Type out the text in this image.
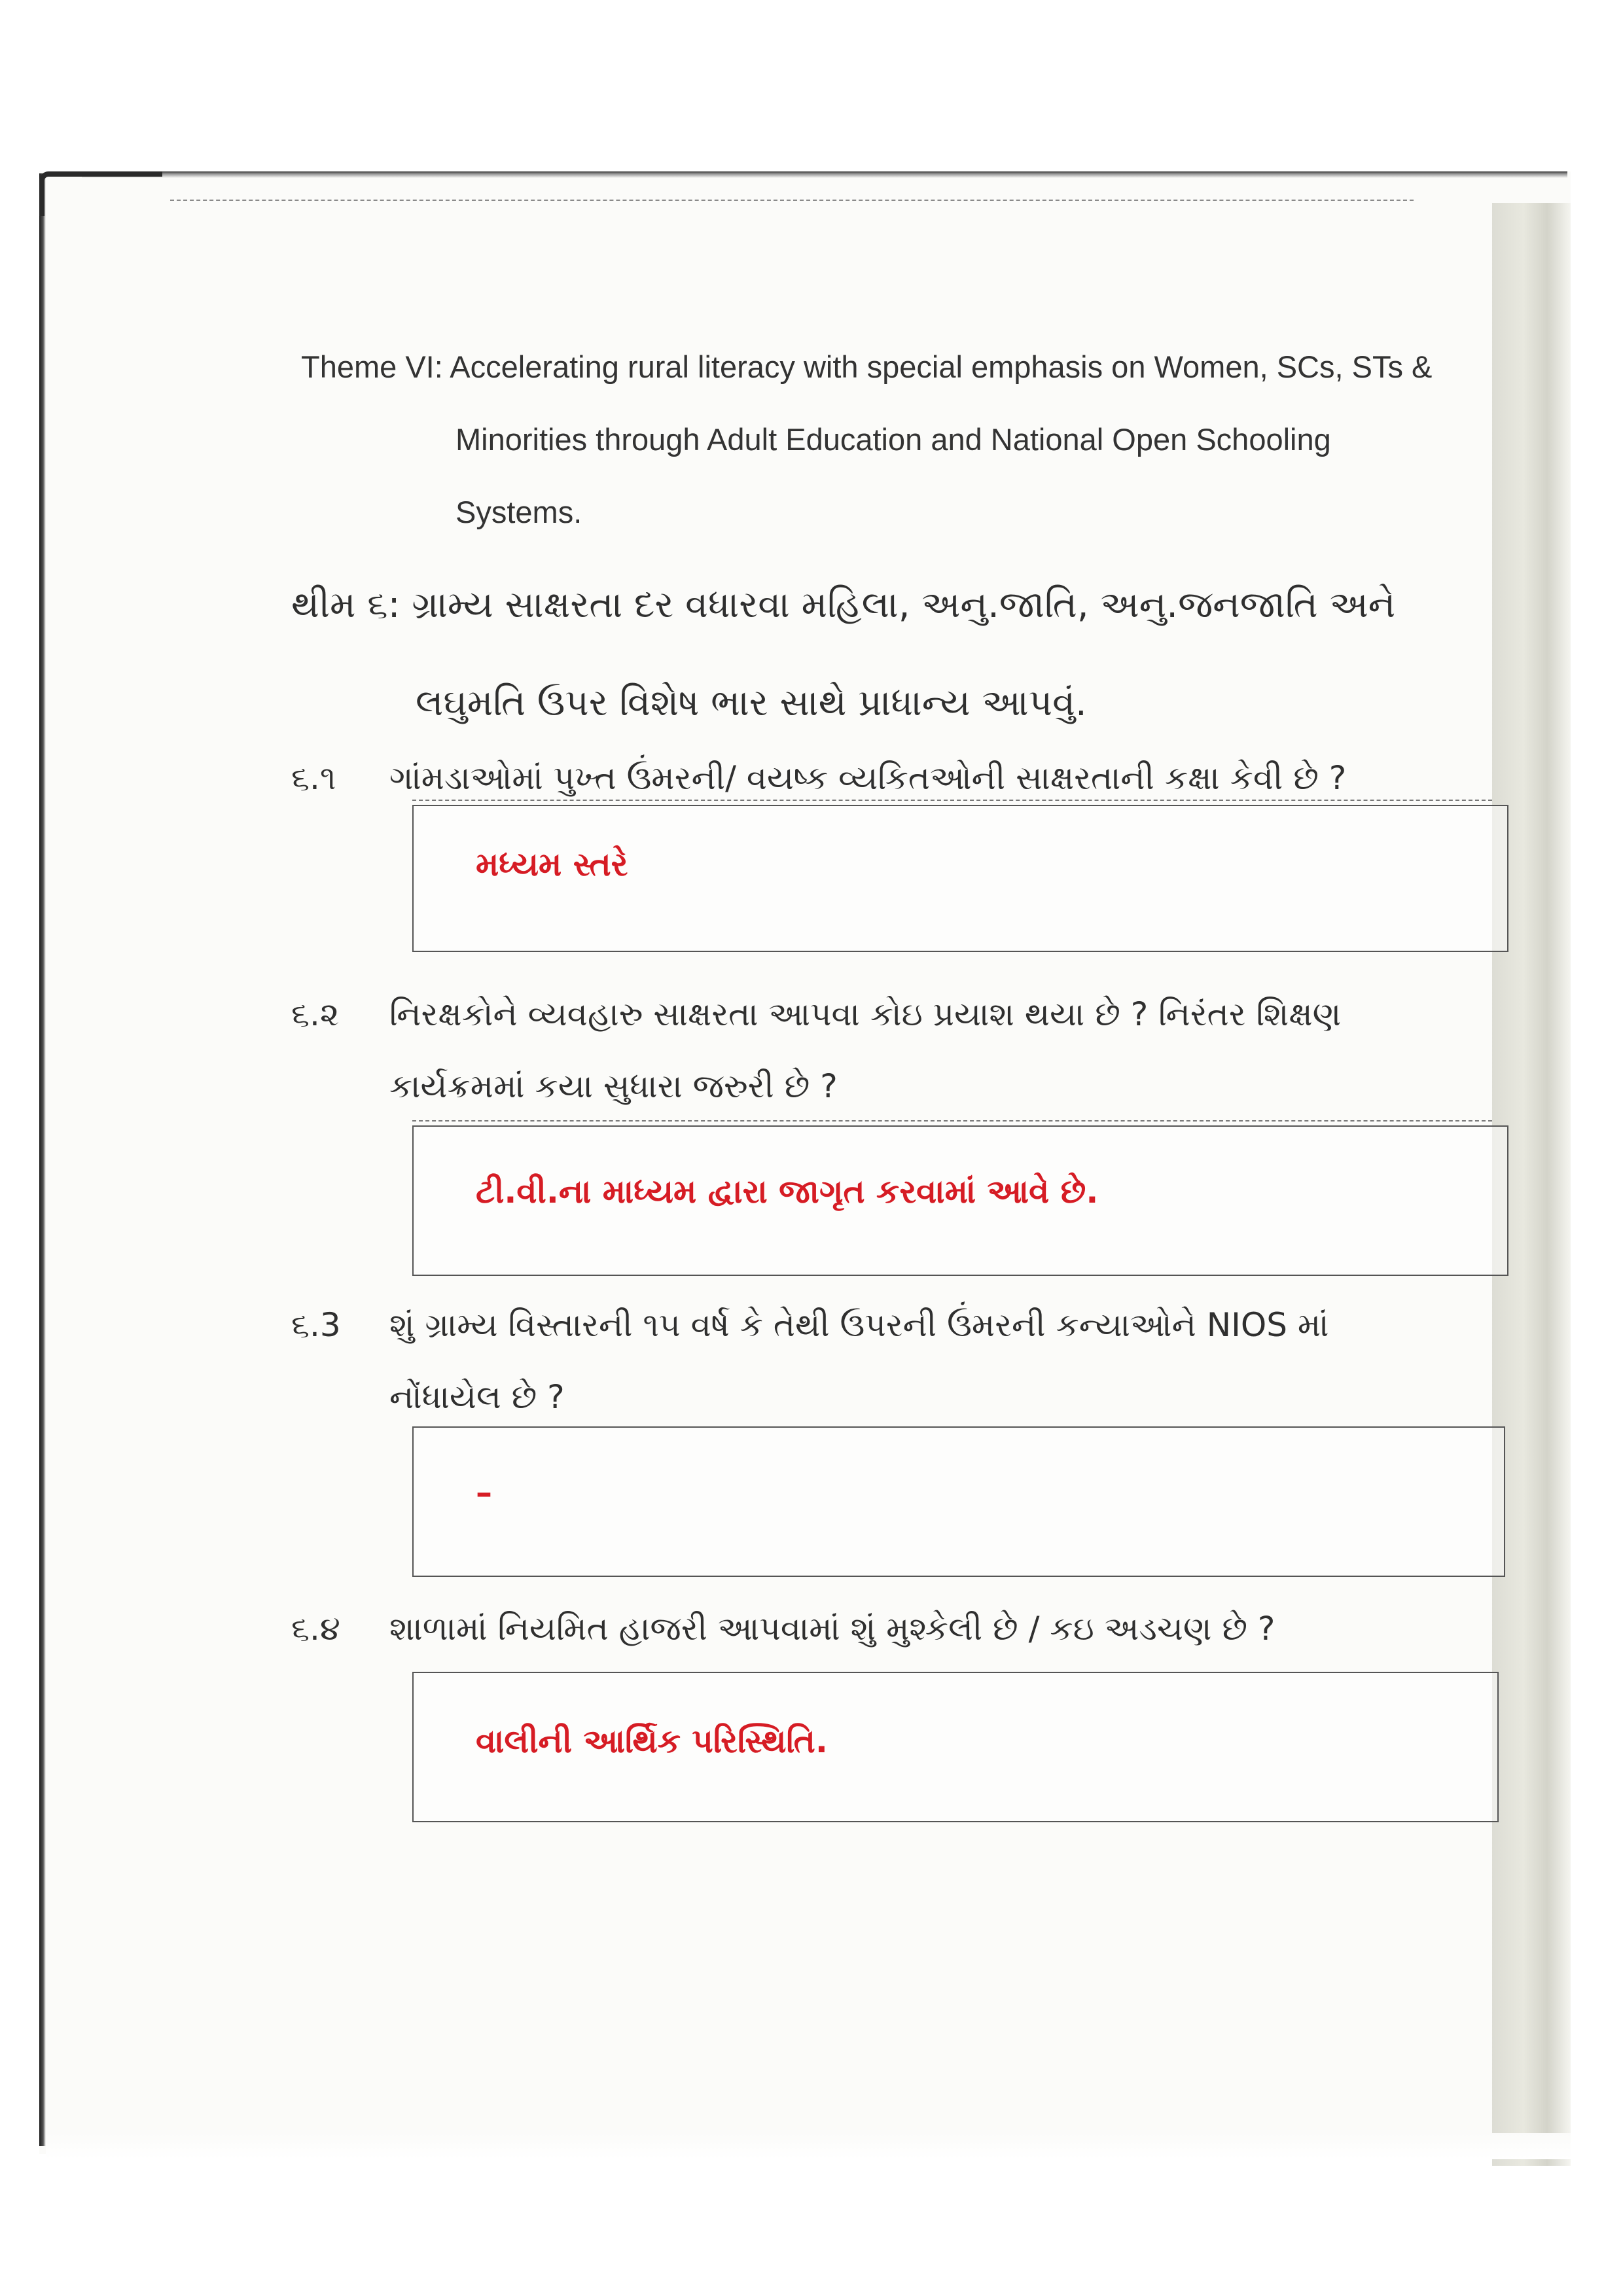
Theme VI: Accelerating rural literacy with special emphasis on Women, SCs, STs &
Minorities through Adult Education and National Open Schooling
Systems.
થીમ ૬: ગ્રામ્ય સાક્ષરતા દર વધારવા મહિલા, અનુ.જાતિ, અનુ.જનજાતિ અને
લઘુમતિ ઉપર વિશેષ ભાર સાથે પ્રાધાન્ય આપવું.
૬.૧	ગાંમડાઓમાં પુખ્ત ઉંમરની/ વયષ્ક વ્યકિતઓની સાક્ષરતાની કક્ષા કેવી છે ?
મધ્યમ સ્તરે
૬.૨	નિરક્ષકોને વ્યવહારુ સાક્ષરતા આપવા કોઇ પ્રયાશ થયા છે ? નિરંતર શિક્ષણ
કાર્યક્રમમાં કયા સુધારા જરુરી છે ?
ટી.વી.ના માધ્યમ દ્વારા જાગૃત કરવામાં આવે છે.
૬.3	શું ગ્રામ્ય વિસ્તારની ૧૫ વર્ષ કે તેથી ઉપરની ઉંમરની કન્યાઓને NIOS માં
નોંધાયેલ છે ?
–
૬.૪	શાળામાં નિયમિત હાજરી આપવામાં શું મુશ્કેલી છે / કઇ અડચણ છે ?
વાલીની આર્થિક પરિસ્થિતિ.
